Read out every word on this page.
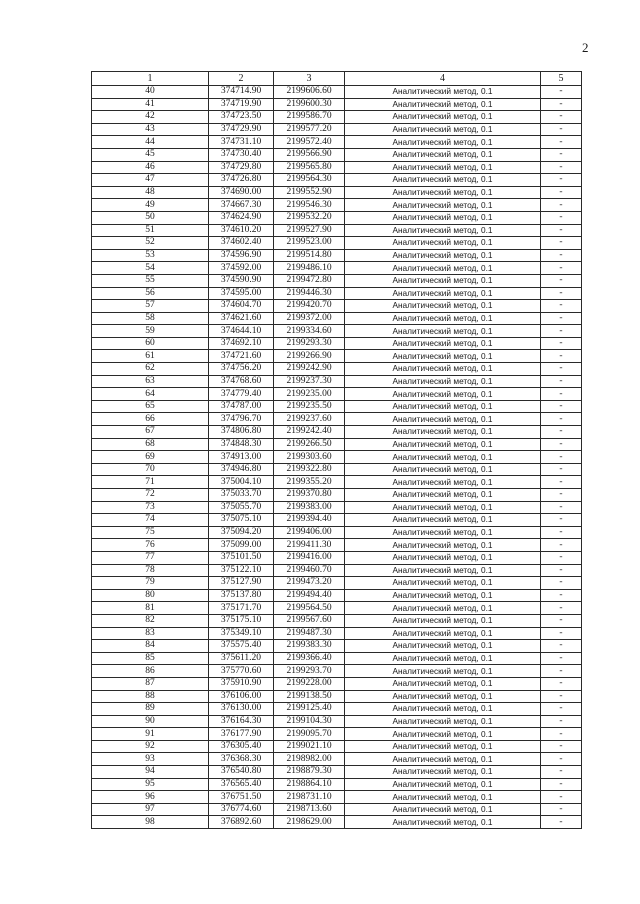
2
1	2	3	4	5
40	374714.90	2199606.60	Аналитический метод, 0.1	-
41	374719.90	2199600.30	Аналитический метод, 0.1	-
42	374723.50	2199586.70	Аналитический метод, 0.1	-
43	374729.90	2199577.20	Аналитический метод, 0.1	-
44	374731.10	2199572.40	Аналитический метод, 0.1	-
45	374730.40	2199566.90	Аналитический метод, 0.1	-
46	374729.80	2199565.80	Аналитический метод, 0.1	-
47	374726.80	2199564.30	Аналитический метод, 0.1	-
48	374690.00	2199552.90	Аналитический метод, 0.1	-
49	374667.30	2199546.30	Аналитический метод, 0.1	-
50	374624.90	2199532.20	Аналитический метод, 0.1	-
51	374610.20	2199527.90	Аналитический метод, 0.1	-
52	374602.40	2199523.00	Аналитический метод, 0.1	-
53	374596.90	2199514.80	Аналитический метод, 0.1	-
54	374592.00	2199486.10	Аналитический метод, 0.1	-
55	374590.90	2199472.80	Аналитический метод, 0.1	-
56	374595.00	2199446.30	Аналитический метод, 0.1	-
57	374604.70	2199420.70	Аналитический метод, 0.1	-
58	374621.60	2199372.00	Аналитический метод, 0.1	-
59	374644.10	2199334.60	Аналитический метод, 0.1	-
60	374692.10	2199293.30	Аналитический метод, 0.1	-
61	374721.60	2199266.90	Аналитический метод, 0.1	-
62	374756.20	2199242.90	Аналитический метод, 0.1	-
63	374768.60	2199237.30	Аналитический метод, 0.1	-
64	374779.40	2199235.00	Аналитический метод, 0.1	-
65	374787.00	2199235.50	Аналитический метод, 0.1	-
66	374796.70	2199237.60	Аналитический метод, 0.1	-
67	374806.80	2199242.40	Аналитический метод, 0.1	-
68	374848.30	2199266.50	Аналитический метод, 0.1	-
69	374913.00	2199303.60	Аналитический метод, 0.1	-
70	374946.80	2199322.80	Аналитический метод, 0.1	-
71	375004.10	2199355.20	Аналитический метод, 0.1	-
72	375033.70	2199370.80	Аналитический метод, 0.1	-
73	375055.70	2199383.00	Аналитический метод, 0.1	-
74	375075.10	2199394.40	Аналитический метод, 0.1	-
75	375094.20	2199406.00	Аналитический метод, 0.1	-
76	375099.00	2199411.30	Аналитический метод, 0.1	-
77	375101.50	2199416.00	Аналитический метод, 0.1	-
78	375122.10	2199460.70	Аналитический метод, 0.1	-
79	375127.90	2199473.20	Аналитический метод, 0.1	-
80	375137.80	2199494.40	Аналитический метод, 0.1	-
81	375171.70	2199564.50	Аналитический метод, 0.1	-
82	375175.10	2199567.60	Аналитический метод, 0.1	-
83	375349.10	2199487.30	Аналитический метод, 0.1	-
84	375575.40	2199383.30	Аналитический метод, 0.1	-
85	375611.20	2199366.40	Аналитический метод, 0.1	-
86	375770.60	2199293.70	Аналитический метод, 0.1	-
87	375910.90	2199228.00	Аналитический метод, 0.1	-
88	376106.00	2199138.50	Аналитический метод, 0.1	-
89	376130.00	2199125.40	Аналитический метод, 0.1	-
90	376164.30	2199104.30	Аналитический метод, 0.1	-
91	376177.90	2199095.70	Аналитический метод, 0.1	-
92	376305.40	2199021.10	Аналитический метод, 0.1	-
93	376368.30	2198982.00	Аналитический метод, 0.1	-
94	376540.80	2198879.30	Аналитический метод, 0.1	-
95	376565.40	2198864.10	Аналитический метод, 0.1	-
96	376751.50	2198731.10	Аналитический метод, 0.1	-
97	376774.60	2198713.60	Аналитический метод, 0.1	-
98	376892.60	2198629.00	Аналитический метод, 0.1	-
